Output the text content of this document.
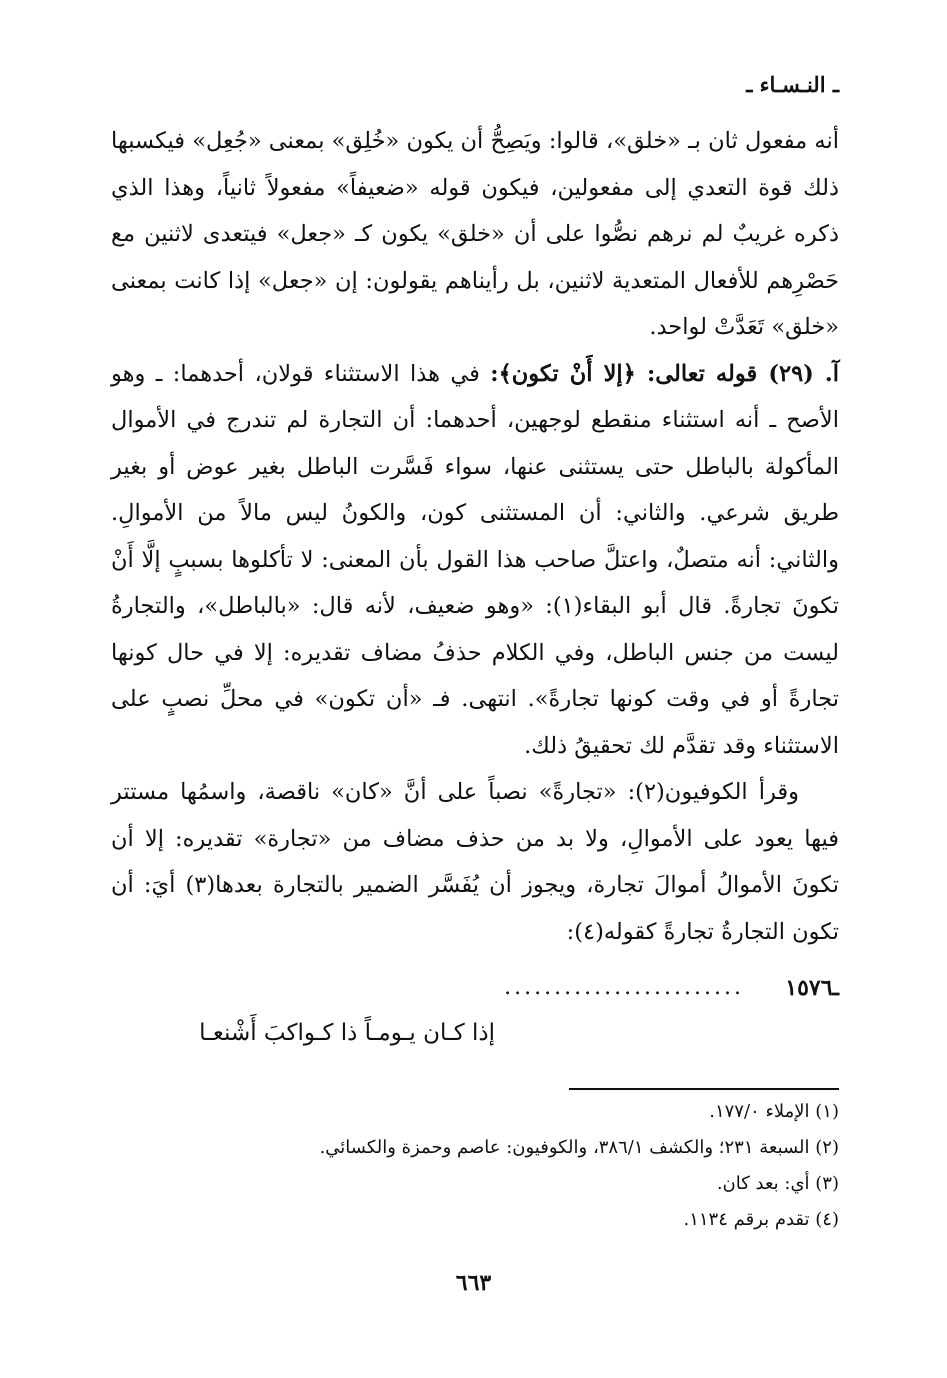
ـ النـسـاء ـ

أنه مفعول ثان بـ «خلق»، قالوا: ويَصِحُّ أن يكون «خُلِق» بمعنى «جُعِل» فيكسبها ذلك قوة التعدي إلى مفعولين، فيكون قوله «ضعيفاً» مفعولاً ثانياً، وهذا الذي ذكره غريبٌ لم نرهم نصُّوا على أن «خلق» يكون كـ «جعل» فيتعدى لاثنين مع حَصْرِهم للأفعال المتعدية لاثنين، بل رأيناهم يقولون: إن «جعل» إذا كانت بمعنى «خلق» تَعَدَّتْ لواحد.

آ. (٢٩) قوله تعالى: ﴿إلا أَنْ تكون﴾: في هذا الاستثناء قولان، أحدهما: ـ وهو الأصح ـ أنه استثناء منقطع لوجهين، أحدهما: أن التجارة لم تندرج في الأموال المأكولة بالباطل حتى يستثنى عنها، سواء فَسَّرت الباطل بغير عوض أو بغير طريق شرعي. والثاني: أن المستثنى كون، والكونُ ليس مالاً من الأموالِ. والثاني: أنه متصلٌ، واعتلَّ صاحب هذا القول بأن المعنى: لا تأكلوها بسببٍ إلَّا أَنْ تكونَ تجارةً. قال أبو البقاء(١): «وهو ضعيف، لأنه قال: «بالباطل»، والتجارةُ ليست من جنس الباطل، وفي الكلام حذفُ مضاف تقديره: إلا في حال كونها تجارةً أو في وقت كونها تجارةً». انتهى. فـ «أن تكون» في محلِّ نصبٍ على الاستثناء وقد تقدَّم لك تحقيقُ ذلك.

وقرأ الكوفيون(٢): «تجارةً» نصباً على أنَّ «كان» ناقصة، واسمُها مستتر فيها يعود على الأموالِ، ولا بد من حذف مضاف من «تجارة» تقديره: إلا أن تكونَ الأموالُ أموالَ تجارة، ويجوز أن يُفَسَّر الضمير بالتجارة بعدها(٣) أيَ: أن تكون التجارةُ تجارةً كقوله(٤):

ـ١٥٧٦
........................
إذا كـان يـومـاً ذا كـواكبَ أَشْنعـا
(١) الإملاء ١٧٧/٠.
(٢) السبعة ٢٣١؛ والكشف ٣٨٦/١، والكوفيون: عاصم وحمزة والكسائي.
(٣) أي: بعد كان.
(٤) تقدم برقم ١١٣٤.
٦٦٣
